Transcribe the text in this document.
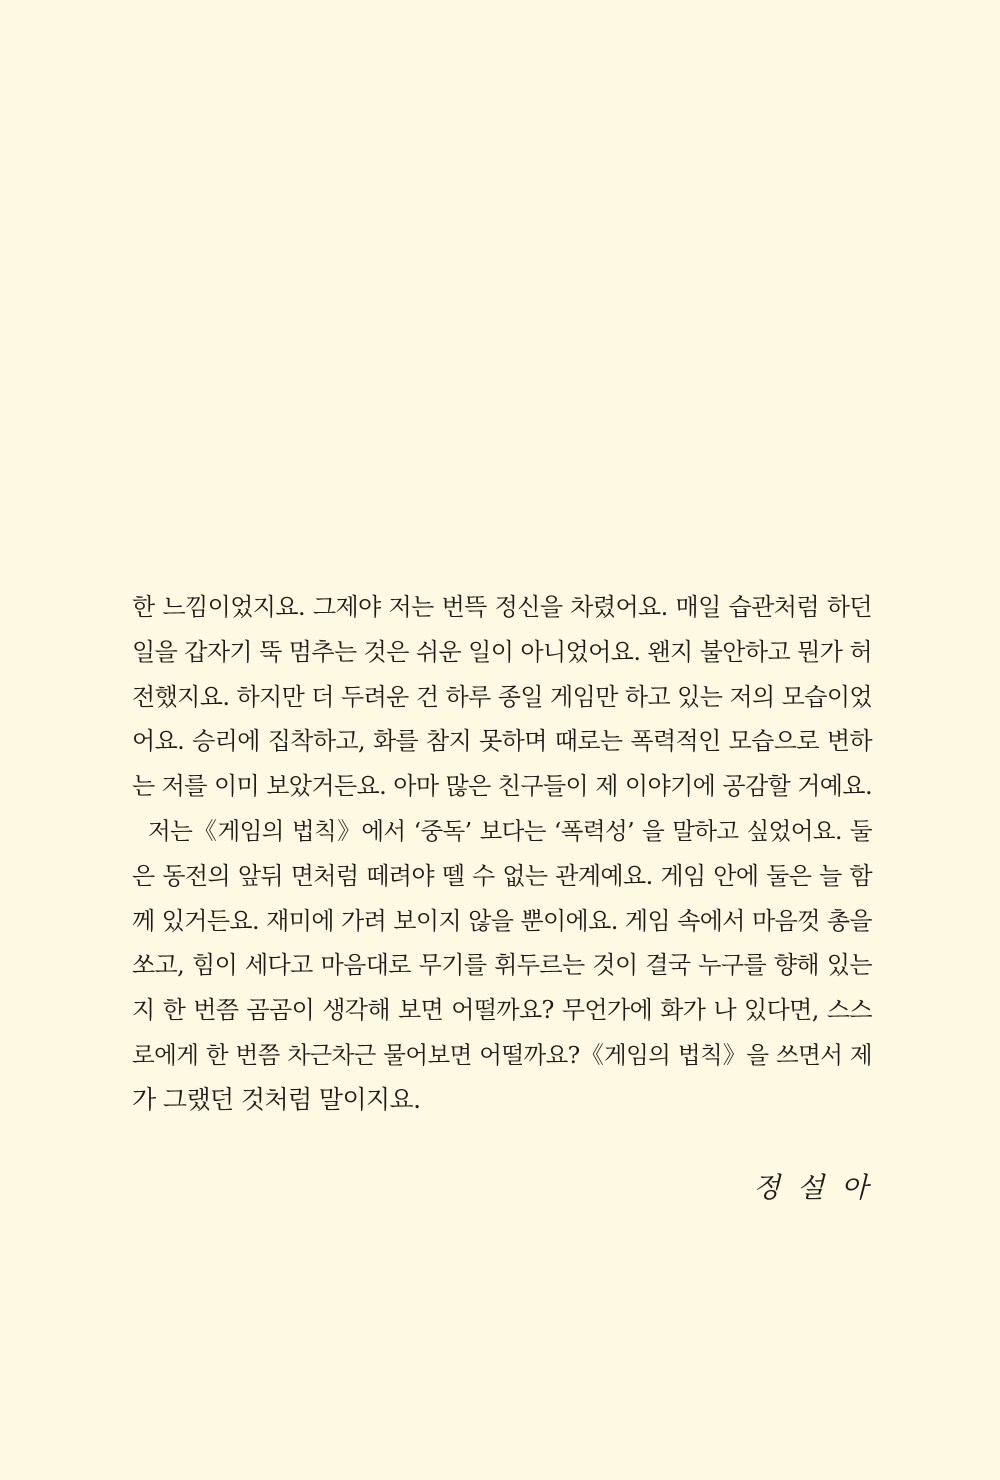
한 느낌이었지요. 그제야 저는 번뜩 정신을 차렸어요. 매일 습관처럼 하던
일을 갑자기 뚝 멈추는 것은 쉬운 일이 아니었어요. 왠지 불안하고 뭔가 허
전했지요. 하지만 더 두려운 건 하루 종일 게임만 하고 있는 저의 모습이었
어요. 승리에 집착하고, 화를 참지 못하며 때로는 폭력적인 모습으로 변하
는 저를 이미 보았거든요. 아마 많은 친구들이 제 이야기에 공감할 거예요.
저는《게임의 법칙》에서 ‘중독’ 보다는 ‘폭력성’ 을 말하고 싶었어요. 둘
은 동전의 앞뒤 면처럼 떼려야 뗄 수 없는 관계예요. 게임 안에 둘은 늘 함
께 있거든요. 재미에 가려 보이지 않을 뿐이에요. 게임 속에서 마음껏 총을
쏘고, 힘이 세다고 마음대로 무기를 휘두르는 것이 결국 누구를 향해 있는
지 한 번쯤 곰곰이 생각해 보면 어떨까요? 무언가에 화가 나 있다면, 스스
로에게 한 번쯤 차근차근 물어보면 어떨까요?《게임의 법칙》을 쓰면서 제
가 그랬던 것처럼 말이지요.
정 설 아
